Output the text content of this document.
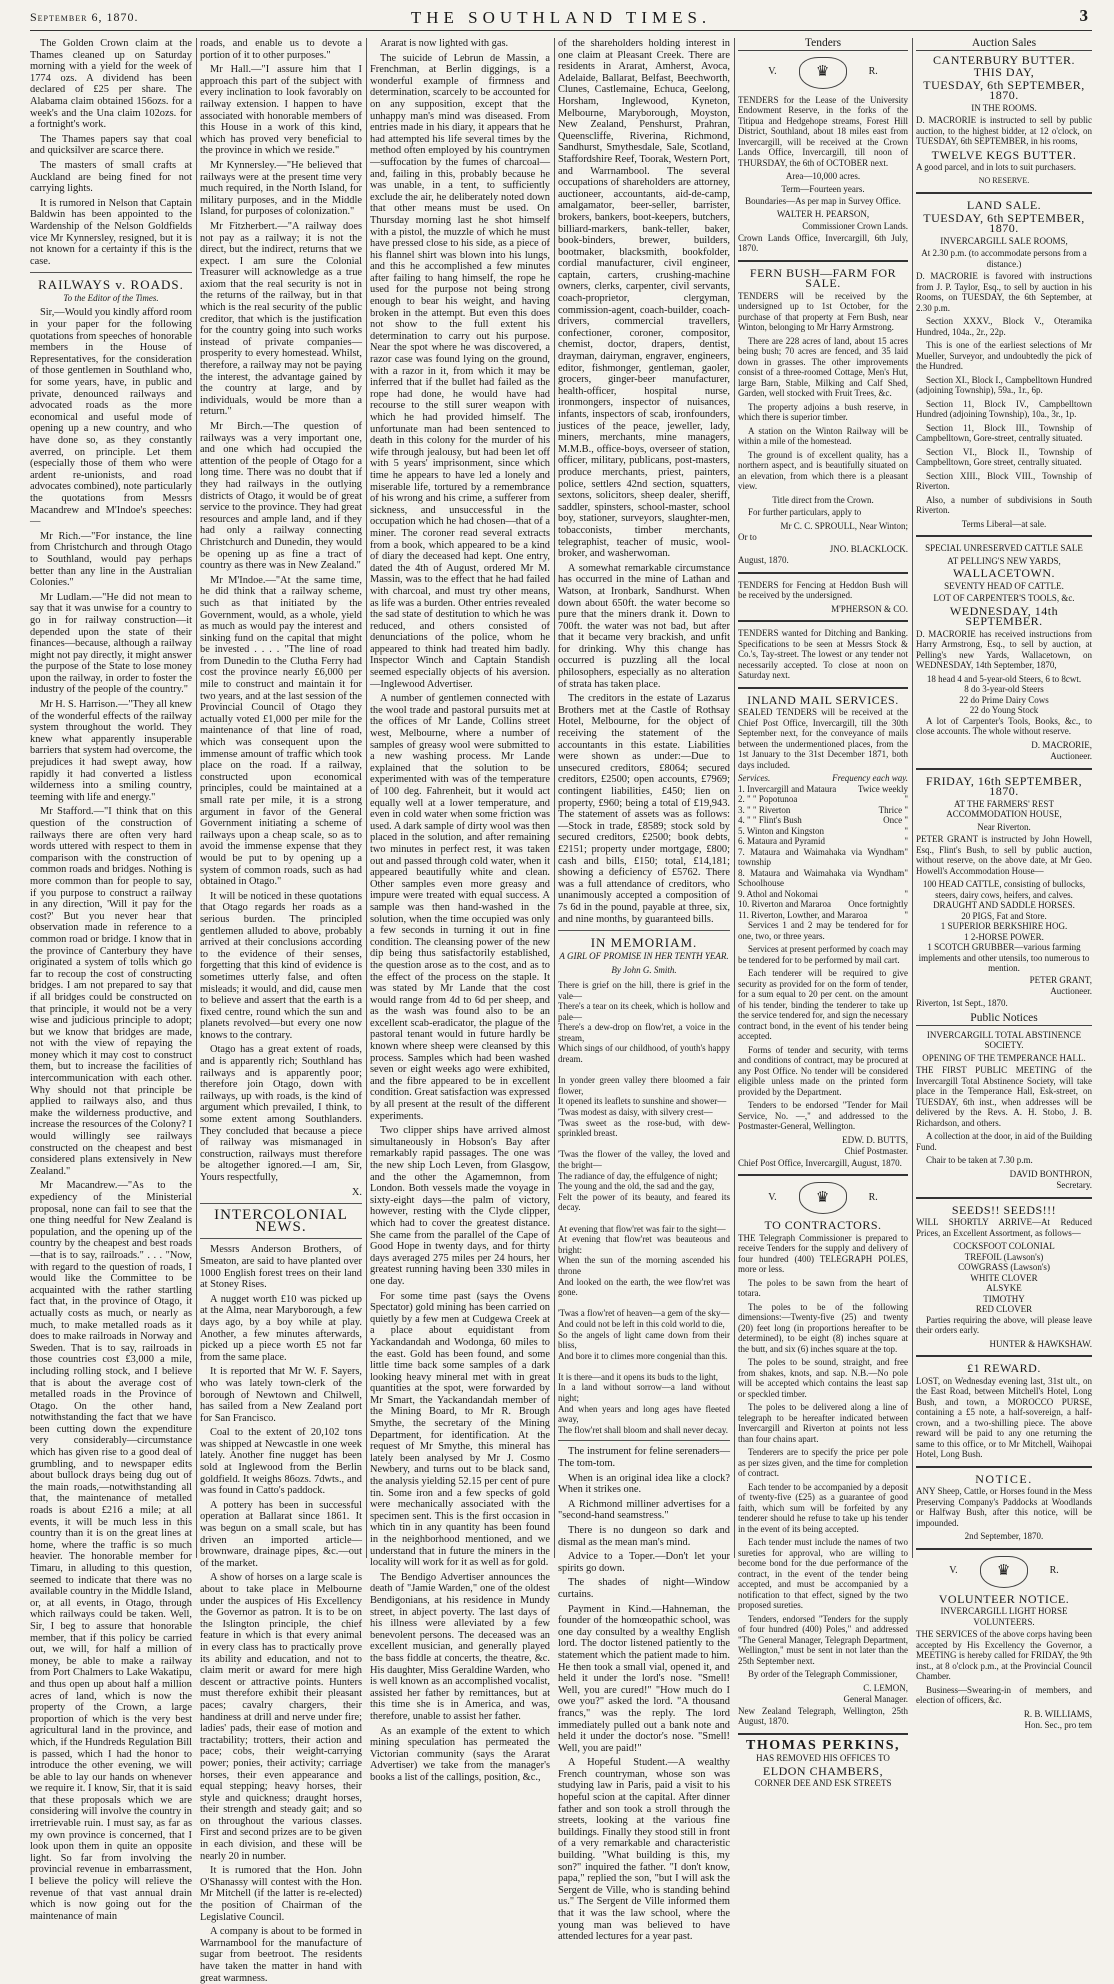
September 6, 1870.	THE SOUTHLAND TIMES.	3

The Golden Crown claim at the Thames cleaned up on Saturday morning with a yield for the week of 1774 ozs. A dividend has been declared of £25 per share. The Alabama claim obtained 156ozs. for a week's and the Una claim 102ozs. for a fortnight's work.

The Thames papers say that coal and quicksilver are scarce there.

The masters of small crafts at Auckland are being fined for not carrying lights.

It is rumored in Nelson that Captain Baldwin has been appointed to the Wardenship of the Nelson Goldfields vice Mr Kynnersley, resigned, but it is not known for a certainty if this is the case.

RAILWAYS v. ROADS.
To the Editor of the Times.

Sir,—Would you kindly afford room in your paper for the following quotations from speeches of honorable members in the House of Representatives, for the consideration of those gentlemen in Southland who, for some years, have, in public and private, denounced railways and advocated roads as the more economical and useful mode of opening up a new country, and who have done so, as they constantly averred, on principle. Let them (especially those of them who were ardent re-unionists, and road advocates combined), note particularly the quotations from Messrs Macandrew and M'Indoe's speeches:—

Mr Rich.—"For instance, the line from Christchurch and through Otago to Southland, would pay perhaps better than any line in the Australian Colonies."

Mr Ludlam.—"He did not mean to say that it was unwise for a country to go in for railway construction—it depended upon the state of their finances—because, although a railway might not pay directly, it might answer the purpose of the State to lose money upon the railway, in order to foster the industry of the people of the country."

Mr H. S. Harrison.—"They all knew of the wonderful effects of the railway system throughout the world. They knew what apparently insuperable barriers that system had overcome, the prejudices it had swept away, how rapidly it had converted a listless wilderness into a smiling country, teeming with life and energy."

Mr Stafford.—"I think that on this question of the construction of railways there are often very hard words uttered with respect to them in comparison with the construction of common roads and bridges. Nothing is more common than for people to say, if you purpose to construct a railway in any direction, 'Will it pay for the cost?' But you never hear that observation made in reference to a common road or bridge. I know that in the province of Canterbury they have originated a system of tolls which go far to recoup the cost of constructing bridges. I am not prepared to say that if all bridges could be constructed on that principle, it would not be a very wise and judicious principle to adopt; but we know that bridges are made, not with the view of repaying the money which it may cost to construct them, but to increase the facilities of intercommunication with each other. Why should not that principle be applied to railways also, and thus make the wilderness productive, and increase the resources of the Colony? I would willingly see railways constructed on the cheapest and best considered plans extensively in New Zealand."

Mr Macandrew.—"As to the expediency of the Ministerial proposal, none can fail to see that the one thing needful for New Zealand is population, and the opening up of the country by the cheapest and best roads—that is to say, railroads." . . . "Now, with regard to the question of roads, I would like the Committee to be acquainted with the rather startling fact that, in the province of Otago, it actually costs as much, or nearly as much, to make metalled roads as it does to make railroads in Norway and Sweden. That is to say, railroads in those countries cost £3,000 a mile, including rolling stock, and I believe that is about the average cost of metalled roads in the Province of Otago. On the other hand, notwithstanding the fact that we have been cutting down the expenditure very considerably—circumstance which has given rise to a good deal of grumbling, and to newspaper edits about bullock drays being dug out of the main roads,—notwithstanding all that, the maintenance of metalled roads is about £216 a mile; at all events, it will be much less in this country than it is on the great lines at home, where the traffic is so much heavier. The honorable member for Timaru, in alluding to this question, seemed to indicate that there was no available country in the Middle Island, or, at all events, in Otago, through which railways could be taken. Well, Sir, I beg to assure that honorable member, that if this policy be carried out, we will, for half a million of money, be able to make a railway from Port Chalmers to Lake Wakatipu, and thus open up about half a million acres of land, which is now the property of the Crown, a large proportion of which is the very best agricultural land in the province, and which, if the Hundreds Regulation Bill is passed, which I had the honor to introduce the other evening, we will be able to lay our hands on whenever we require it. I know, Sir, that it is said that these proposals which we are considering will involve the country in irretrievable ruin. I must say, as far as my own province is concerned, that I look upon them in quite an opposite light. So far from involving the provincial revenue in embarrassment, I believe the policy will relieve the revenue of that vast annual drain which is now going out for the maintenance of main

roads, and enable us to devote a portion of it to other purposes."

Mr Hall.—"I assure him that I approach this part of the subject with every inclination to look favorably on railway extension. I happen to have associated with honorable members of this House in a work of this kind, which has proved very beneficial to the province in which we reside."

Mr Kynnersley.—"He believed that railways were at the present time very much required, in the North Island, for military purposes, and in the Middle Island, for purposes of colonization."

Mr Fitzherbert.—"A railway does not pay as a railway; it is not the direct, but the indirect, returns that we expect. I am sure the Colonial Treasurer will acknowledge as a true axiom that the real security is not in the returns of the railway, but in that which is the real security of the public creditor, that which is the justification for the country going into such works instead of private companies—prosperity to every homestead. Whilst, therefore, a railway may not be paying the interest, the advantage gained by the country at large, and by individuals, would be more than a return."

Mr Birch.—The question of railways was a very important one, and one which had occupied the attention of the people of Otago for a long time. There was no doubt that if they had railways in the outlying districts of Otago, it would be of great service to the province. They had great resources and ample land, and if they had only a railway connecting Christchurch and Dunedin, they would be opening up as fine a tract of country as there was in New Zealand."

Mr M'Indoe.—"At the same time, he did think that a railway scheme, such as that initiated by the Government, would, as a whole, yield as much as would pay the interest and sinking fund on the capital that might be invested . . . . "The line of road from Dunedin to the Clutha Ferry had cost the province nearly £6,000 per mile to construct and maintain it for two years, and at the last session of the Provincial Council of Otago they actually voted £1,000 per mile for the maintenance of that line of road, which was consequent upon the immense amount of traffic which took place on the road. If a railway, constructed upon economical principles, could be maintained at a small rate per mile, it is a strong argument in favor of the General Government initiating a scheme of railways upon a cheap scale, so as to avoid the immense expense that they would be put to by opening up a system of common roads, such as had obtained in Otago."

It will be noticed in these quotations that Otago regards her roads as a serious burden. The principled gentlemen alluded to above, probably arrived at their conclusions according to the evidence of their senses, forgetting that this kind of evidence is sometimes utterly false, and often misleads; it would, and did, cause men to believe and assert that the earth is a fixed centre, round which the sun and planets revolved—but every one now knows to the contrary.

Otago has a great extent of roads, and is apparently rich; Southland has railways and is apparently poor; therefore join Otago, down with railways, up with roads, is the kind of argument which prevailed, I think, to some extent among Southlanders. They concluded that because a piece of railway was mismanaged in construction, railways must therefore be altogether ignored.—I am, Sir, Yours respectfully,

X.
INTERCOLONIAL NEWS.

Messrs Anderson Brothers, of Smeaton, are said to have planted over 1000 English forest trees on their land at Stoney Rises.

A nugget worth £10 was picked up at the Alma, near Maryborough, a few days ago, by a boy while at play. Another, a few minutes afterwards, picked up a piece worth £5 not far from the same place.

It is reported that Mr W. F. Sayers, who was lately town-clerk of the borough of Newtown and Chilwell, has sailed from a New Zealand port for San Francisco.

Coal to the extent of 20,102 tons was shipped at Newcastle in one week lately. Another fine nugget has been sold at Inglewood from the Berlin goldfield. It weighs 86ozs. 7dwts., and was found in Catto's paddock.

A pottery has been in successful operation at Ballarat since 1861. It was begun on a small scale, but has driven an imported article—brownware, drainage pipes, &c.—out of the market.

A show of horses on a large scale is about to take place in Melbourne under the auspices of His Excellency the Governor as patron. It is to be on the Islington principle, the chief feature in which is that every animal in every class has to practically prove its ability and education, and not to claim merit or award for mere high descent or attractive points. Hunters must therefore exhibit their pleasant paces; cavalry chargers, their handiness at drill and nerve under fire; ladies' pads, their ease of motion and tractability; trotters, their action and pace; cobs, their weight-carrying power; ponies, their activity; carriage horses, their even appearance and equal stepping; heavy horses, their style and quickness; draught horses, their strength and steady gait; and so on throughout the various classes. First and second prizes are to be given in each division, and these will be nearly 20 in number.

It is rumored that the Hon. John O'Shanassy will contest with the Hon. Mr Mitchell (if the latter is re-elected) the position of Chairman of the Legislative Council.

A company is about to be formed in Warrnambool for the manufacture of sugar from beetroot. The residents have taken the matter in hand with great warmness.

Ararat is now lighted with gas.

The suicide of Lebrun de Massin, a Frenchman, at Berlin diggings, is a wonderful example of firmness and determination, scarcely to be accounted for on any supposition, except that the unhappy man's mind was diseased. From entries made in his diary, it appears that he had attempted his life several times by the method often employed by his countrymen—suffocation by the fumes of charcoal—and, failing in this, probably because he was unable, in a tent, to sufficiently exclude the air, he deliberately noted down that other means must be used. On Thursday morning last he shot himself with a pistol, the muzzle of which he must have pressed close to his side, as a piece of his flannel shirt was blown into his lungs, and this he accomplished a few minutes after failing to hang himself, the rope he used for the purpose not being strong enough to bear his weight, and having broken in the attempt. But even this does not show to the full extent his determination to carry out his purpose. Near the spot where he was discovered, a razor case was found lying on the ground, with a razor in it, from which it may be inferred that if the bullet had failed as the rope had done, he would have had recourse to the still surer weapon with which he had provided himself. The unfortunate man had been sentenced to death in this colony for the murder of his wife through jealousy, but had been let off with 5 years' imprisonment, since which time he appears to have led a lonely and miserable life, tortured by a remembrance of his wrong and his crime, a sufferer from sickness, and unsuccessful in the occupation which he had chosen—that of a miner. The coroner read several extracts from a book, which appeared to be a kind of diary the deceased had kept. One entry, dated the 4th of August, ordered Mr M. Massin, was to the effect that he had failed with charcoal, and must try other means, as life was a burden. Other entries revealed the sad state of destitution to which he was reduced, and others consisted of denunciations of the police, whom he appeared to think had treated him badly. Inspector Winch and Captain Standish seemed especially objects of his aversion.—Inglewood Advertiser.

A number of gentlemen connected with the wool trade and pastoral pursuits met at the offices of Mr Lande, Collins street west, Melbourne, where a number of samples of greasy wool were submitted to a new washing process. Mr Lande explained that the solution to be experimented with was of the temperature of 100 deg. Fahrenheit, but it would act equally well at a lower temperature, and even in cold water when some friction was used. A dark sample of dirty wool was then placed in the solution, and after remaining two minutes in perfect rest, it was taken out and passed through cold water, when it appeared beautifully white and clean. Other samples even more greasy and impure were treated with equal success. A sample was then hand-washed in the solution, when the time occupied was only a few seconds in turning it out in fine condition. The cleansing power of the new dip being thus satisfactorily established, the question arose as to the cost, and as to the effect of the process on the staple. It was stated by Mr Lande that the cost would range from 4d to 6d per sheep, and as the wash was found also to be an excellent scab-eradicator, the plague of the pastoral tenant would in future hardly be known where sheep were cleansed by this process. Samples which had been washed seven or eight weeks ago were exhibited, and the fibre appeared to be in excellent condition. Great satisfaction was expressed by all present at the result of the different experiments.

Two clipper ships have arrived almost simultaneously in Hobson's Bay after remarkably rapid passages. The one was the new ship Loch Leven, from Glasgow, and the other the Agamemnon, from London. Both vessels made the voyage in sixty-eight days—the palm of victory, however, resting with the Clyde clipper, which had to cover the greatest distance. She came from the parallel of the Cape of Good Hope in twenty days, and for thirty days averaged 275 miles per 24 hours, her greatest running having been 330 miles in one day.

For some time past (says the Ovens Spectator) gold mining has been carried on quietly by a few men at Cudgewa Creek at a place about equidistant from Yackandandah and Wodonga, 60 miles to the east. Gold has been found, and some little time back some samples of a dark looking heavy mineral met with in great quantities at the spot, were forwarded by Mr Smart, the Yackandandah member of the Mining Board, to Mr R. Brough Smythe, the secretary of the Mining Department, for identification. At the request of Mr Smythe, this mineral has lately been analysed by Mr J. Cosmo Newbery, and turns out to be black sand, the analysis yielding 52.15 per cent of pure tin. Some iron and a few specks of gold were mechanically associated with the specimen sent. This is the first occasion in which tin in any quantity has been found in the neighborhood mentioned, and we understand that in future the miners in the locality will work for it as well as for gold.

The Bendigo Advertiser announces the death of "Jamie Warden," one of the oldest Bendigonians, at his residence in Mundy street, in abject poverty. The last days of his illness were alleviated by a few benevolent persons. The deceased was an excellent musician, and generally played the bass fiddle at concerts, the theatre, &c. His daughter, Miss Geraldine Warden, who is well known as an accomplished vocalist, assisted her father by remittances, but at this time she is in America, and was, therefore, unable to assist her father.

As an example of the extent to which mining speculation has permeated the Victorian community (says the Ararat Advertiser) we take from the manager's books a list of the callings, position, &c.,

of the shareholders holding interest in one claim at Pleasant Creek. There are residents in Ararat, Amherst, Avoca, Adelaide, Ballarat, Belfast, Beechworth, Clunes, Castlemaine, Echuca, Geelong, Horsham, Inglewood, Kyneton, Melbourne, Maryborough, Moyston, New Zealand, Penshurst, Prahran, Queenscliffe, Riverina, Richmond, Sandhurst, Smythesdale, Sale, Scotland, Staffordshire Reef, Toorak, Western Port, and Warrnambool. The several occupations of shareholders are attorney, auctioneer, accountants, aid-de-camp, amalgamator, beer-seller, barrister, brokers, bankers, boot-keepers, butchers, billiard-markers, bank-teller, baker, book-binders, brewer, builders, bootmaker, blacksmith, bookfolder, cordial manufacturer, civil engineer, captain, carters, crushing-machine owners, clerks, carpenter, civil servants, coach-proprietor, clergyman, commission-agent, coach-builder, coach-drivers, commercial travellers, confectioner, coroner, compositor, chemist, doctor, drapers, dentist, drayman, dairyman, engraver, engineers, editor, fishmonger, gentleman, gaoler, grocers, ginger-beer manufacturer, health-officer, hospital nurse, ironmongers, inspector of nuisances, infants, inspectors of scab, ironfounders, justices of the peace, jeweller, lady, miners, merchants, mine managers, M.M.B., office-boys, overseer of station, officer, military, publicans, post-masters, produce merchants, priest, painters, police, settlers 42nd section, squatters, sextons, solicitors, sheep dealer, sheriff, saddler, spinsters, school-master, school boy, stationer, surveyors, slaughter-men, tobacconists, timber merchants, telegraphist, teacher of music, wool-broker, and washerwoman.

A somewhat remarkable circumstance has occurred in the mine of Lathan and Watson, at Ironbark, Sandhurst. When down about 650ft. the water become so pure that the miners drank it. Down to 700ft. the water was not bad, but after that it became very brackish, and unfit for drinking. Why this change has occurred is puzzling all the local philosophers, especially as no alteration of strata has taken place.

The creditors in the estate of Lazarus Brothers met at the Castle of Rothsay Hotel, Melbourne, for the object of receiving the statement of the accountants in this estate. Liabilities were shown as under:—Due to unsecured creditors, £8064; secured creditors, £2500; open accounts, £7969; contingent liabilities, £450; lien on property, £960; being a total of £19,943. The statement of assets was as follows:—Stock in trade, £8589; stock sold by secured creditors, £2500; book debts, £2151; property under mortgage, £800; cash and bills, £150; total, £14,181; showing a deficiency of £5762. There was a full attendance of creditors, who unanimously accepted a composition of 7s 6d in the pound, payable at three, six, and nine months, by guaranteed bills.

IN MEMORIAM.
A GIRL OF PROMISE IN HER TENTH YEAR.
By John G. Smith.
There is grief on the hill, there is grief in the vale—
There's a tear on its cheek, which is hollow and pale—
There's a dew-drop on flow'ret, a voice in the stream,
Which sings of our childhood, of youth's happy dream.

In yonder green valley there bloomed a fair flower,
It opened its leaflets to sunshine and shower—
'Twas modest as daisy, with silvery crest—
'Twas sweet as the rose-bud, with dew-sprinkled breast.

'Twas the flower of the valley, the loved and the bright—
The radiance of day, the effulgence of night;
The young and the old, the sad and the gay,
Felt the power of its beauty, and feared its decay.

At evening that flow'ret was fair to the sight—
At evening that flow'ret was beauteous and bright:
When the sun of the morning ascended his throne
And looked on the earth, the wee flow'ret was gone.

'Twas a flow'ret of heaven—a gem of the sky—
And could not be left in this cold world to die,
So the angels of light came down from their bliss,
And bore it to climes more congenial than this.

It is there—and it opens its buds to the light,
In a land without sorrow—a land without night;
And when years and long ages have fleeted away,
The flow'ret shall bloom and shall never decay.

The instrument for feline serenaders—The tom-tom.

When is an original idea like a clock? When it strikes one.

A Richmond milliner advertises for a "second-hand seamstress."

There is no dungeon so dark and dismal as the mean man's mind.

Advice to a Toper.—Don't let your spirits go down.

The shades of night—Window curtains.

Payment in Kind.—Hahneman, the founder of the homœopathic school, was one day consulted by a wealthy English lord. The doctor listened patiently to the statement which the patient made to him. He then took a small vial, opened it, and held it under the lord's nose. "Smell! Well, you are cured!" "How much do I owe you?" asked the lord. "A thousand francs," was the reply. The lord immediately pulled out a bank note and held it under the doctor's nose. "Smell! Well, you are paid!"

A Hopeful Student.—A wealthy French countryman, whose son was studying law in Paris, paid a visit to his hopeful scion at the capital. After dinner father and son took a stroll through the streets, looking at the various fine buildings. Finally they stood still in front of a very remarkable and characteristic building. "What building is this, my son?" inquired the father. "I don't know, papa," replied the son, "but I will ask the Sergent de Ville, who is standing behind us." The Sergent de Ville informed them that it was the law school, where the young man was believed to have attended lectures for a year past.

Tenders
V.	♛	R.

TENDERS for the Lease of the University Endowment Reserve, in the forks of the Titipua and Hedgehope streams, Forest Hill District, Southland, about 18 miles east from Invercargill, will be received at the Crown Lands Office, Invercargill, till noon of THURSDAY, the 6th of OCTOBER next.

Area—10,000 acres.
Term—Fourteen years.
Boundaries—As per map in Survey Office.
WALTER H. PEARSON,
Commissioner Crown Lands.

Crown Lands Office, Invercargill, 6th July, 1870.

FERN BUSH—FARM FOR SALE.

TENDERS will be received by the undersigned up to 1st October, for the purchase of that property at Fern Bush, near Winton, belonging to Mr Harry Armstrong.

There are 228 acres of land, about 15 acres being bush; 70 acres are fenced, and 35 laid down in grasses. The other improvements consist of a three-roomed Cottage, Men's Hut, large Barn, Stable, Milking and Calf Shed, Garden, well stocked with Fruit Trees, &c.

The property adjoins a bush reserve, in which there is superior timber.

A station on the Winton Railway will be within a mile of the homestead.

The ground is of excellent quality, has a northern aspect, and is beautifully situated on an elevation, from which there is a pleasant view.

Title direct from the Crown.

For further particulars, apply to

Mr C. C. SPROULL, Near Winton;
Or to
JNO. BLACKLOCK.
August, 1870.

TENDERS for Fencing at Heddon Bush will be received by the undersigned.

M'PHERSON & CO.

TENDERS wanted for Ditching and Banking. Specifications to be seen at Messrs Stock & Co.'s, Tay-street. The lowest or any tender not necessarily accepted. To close at noon on Saturday next.

INLAND MAIL SERVICES.

SEALED TENDERS will be received at the Chief Post Office, Invercargill, till the 30th September next, for the conveyance of mails between the undermentioned places, from the 1st January to the 31st December 1871, both days included.

Services.	Frequency each way.
1. Invercargill and Mataura Twice weekly
2. " " Popotunoa	"
3. " " Riverton	Thrice "
4. " " Flint's Bush	Once "
5. Winton and Kingston	"
6. Mataura and Pyramid	"
7. Mataura and Waimahaka via Wyndham township
"
8. Mataura and Waimahaka via Wyndham Schoolhouse
"
9. Athol and Nokomai	"
10. Riverton and Mararoa Once fortnightly
11. Riverton, Lowther, and Mararoa	"

Services 1 and 2 may be tendered for for one, two, or three years.

Services at present performed by coach may be tendered for to be performed by mail cart.

Each tenderer will be required to give security as provided for on the form of tender, for a sum equal to 20 per cent. on the amount of his tender, binding the tenderer to take up the service tendered for, and sign the necessary contract bond, in the event of his tender being accepted.

Forms of tender and security, with terms and conditions of contract, may be procured at any Post Office. No tender will be considered eligible unless made on the printed form provided by the Department.

Tenders to be endorsed "Tender for Mail Service, No. —," and addressed to the Postmaster-General, Wellington.

EDW. D. BUTTS,
Chief Postmaster.

Chief Post Office, Invercargill, August, 1870.

V.	♛	R.
TO CONTRACTORS.

THE Telegraph Commissioner is prepared to receive Tenders for the supply and delivery of four hundred (400) TELEGRAPH POLES, more or less.

The poles to be sawn from the heart of totara.

The poles to be of the following dimensions:—Twenty-five (25) and twenty (20) feet long (in proportions hereafter to be determined), to be eight (8) inches square at the butt, and six (6) inches square at the top.

The poles to be sound, straight, and free from shakes, knots, and sap. N.B.—No pole will be accepted which contains the least sap or speckled timber.

The poles to be delivered along a line of telegraph to be hereafter indicated between Invercargill and Riverton at points not less than four chains apart.

Tenderers are to specify the price per pole as per sizes given, and the time for completion of contract.

Each tender to be accompanied by a deposit of twenty-five (£25) as a guarantee of good faith, which sum will be forfeited by any tenderer should he refuse to take up his tender in the event of its being accepted.

Each tender must include the names of two sureties for approval, who are willing to become bond for the due performance of the contract, in the event of the tender being accepted, and must be accompanied by a notification to that effect, signed by the two proposed sureties.

Tenders, endorsed "Tenders for the supply of four hundred (400) Poles," and addressed "The General Manager, Telegraph Department, Wellington," must be sent in not later than the 25th September next.

By order of the Telegraph Commissioner,

C. LEMON,
General Manager.

New Zealand Telegraph, Wellington, 25th August, 1870.

THOMAS PERKINS,
HAS REMOVED HIS OFFICES TO
ELDON CHAMBERS,
CORNER DEE AND ESK STREETS
Auction Sales
CANTERBURY BUTTER.
THIS DAY,
TUESDAY, 6th SEPTEMBER, 1870.
IN THE ROOMS.

D. MACRORIE is instructed to sell by public auction, to the highest bidder, at 12 o'clock, on TUESDAY, 6th SEPTEMBER, in his rooms,

TWELVE KEGS BUTTER.

A good parcel, and in lots to suit purchasers.

NO RESERVE.
LAND SALE.
TUESDAY, 6th SEPTEMBER, 1870.
INVERCARGILL SALE ROOMS,
At 2.30 p.m. (to accommodate persons from a distance.)

D. MACRORIE is favored with instructions from J. P. Taylor, Esq., to sell by auction in his Rooms, on TUESDAY, the 6th September, at 2.30 p.m.

Section XXXV., Block V., Oteramika Hundred, 104a., 2r., 22p.

This is one of the earliest selections of Mr Mueller, Surveyor, and undoubtedly the pick of the Hundred.

Section XI., Block I., Campbelltown Hundred (adjoining Township), 59a., 1r., 6p.

Section 11, Block IV., Campbelltown Hundred (adjoining Township), 10a., 3r., 1p.

Section 11, Block III., Township of Campbelltown, Gore-street, centrally situated.

Section VI., Block II., Township of Campbelltown, Gore street, centrally situated.

Section XIII., Block VIII., Township of Riverton.

Also, a number of subdivisions in South Riverton.

Terms Liberal—at sale.
SPECIAL UNRESERVED CATTLE SALE
AT PELLING'S NEW YARDS,
WALLACETOWN.
SEVENTY HEAD OF CATTLE.
LOT OF CARPENTER'S TOOLS, &c.
WEDNESDAY, 14th SEPTEMBER.

D. MACRORIE has received instructions from Harry Armstrong, Esq., to sell by auction, at Pelling's new Yards, Wallacetown, on WEDNESDAY, 14th September, 1870,

18 head 4 and 5-year-old Steers, 6 to 8cwt.
8 do 3-year-old Steers
22 do Prime Dairy Cows
22 do Young Stock

A lot of Carpenter's Tools, Books, &c., to close accounts. The whole without reserve.

D. MACRORIE,
Auctioneer.
FRIDAY, 16th SEPTEMBER, 1870.
AT THE FARMERS' REST ACCOMMODATION HOUSE,
Near Riverton.

PETER GRANT is instructed by John Howell, Esq., Flint's Bush, to sell by public auction, without reserve, on the above date, at Mr Geo. Howell's Accommodation House—

100 HEAD CATTLE, consisting of bullocks, steers, dairy cows, heifers, and calves.
DRAUGHT AND SADDLE HORSES.
20 PIGS, Fat and Store.
1 SUPERIOR BERKSHIRE HOG.
1 2-HORSE POWER.
1 SCOTCH GRUBBER—various farming implements and other utensils, too numerous to mention.
PETER GRANT,
Auctioneer.
Riverton, 1st Sept., 1870.
Public Notices
INVERCARGILL TOTAL ABSTINENCE SOCIETY.
OPENING OF THE TEMPERANCE HALL.

THE FIRST PUBLIC MEETING of the Invercargill Total Abstinence Society, will take place in the Temperance Hall, Esk-street, on TUESDAY, 6th inst., when addresses will be delivered by the Revs. A. H. Stobo, J. B. Richardson, and others.

A collection at the door, in aid of the Building Fund.

Chair to be taken at 7.30 p.m.

DAVID BONTHRON,
Secretary.
SEEDS!! SEEDS!!!

WILL SHORTLY ARRIVE—At Reduced Prices, an Excellent Assortment, as follows—

COCKSFOOT COLONIAL
TREFOIL (Lawson's)
COWGRASS (Lawson's)
WHITE CLOVER
ALSYKE
TIMOTHY
RED CLOVER

Parties requiring the above, will please leave their orders early.

HUNTER & HAWKSHAW.
£1 REWARD.

LOST, on Wednesday evening last, 31st ult., on the East Road, between Mitchell's Hotel, Long Bush, and town, a MOROCCO PURSE, containing a £5 note, a half-sovereign, a half-crown, and a two-shilling piece. The above reward will be paid to any one returning the same to this office, or to Mr Mitchell, Waihopai Hotel, Long Bush.

NOTICE.

ANY Sheep, Cattle, or Horses found in the Mess Preserving Company's Paddocks at Woodlands or Halfway Bush, after this notice, will be impounded.

2nd September, 1870.
V.	♛	R.
VOLUNTEER NOTICE.
INVERCARGILL LIGHT HORSE VOLUNTEERS.

THE SERVICES of the above corps having been accepted by His Excellency the Governor, a MEETING is hereby called for FRIDAY, the 9th inst., at 8 o'clock p.m., at the Provincial Council Chamber.

Business—Swearing-in of members, and election of officers, &c.

R. B. WILLIAMS,
Hon. Sec., pro tem
